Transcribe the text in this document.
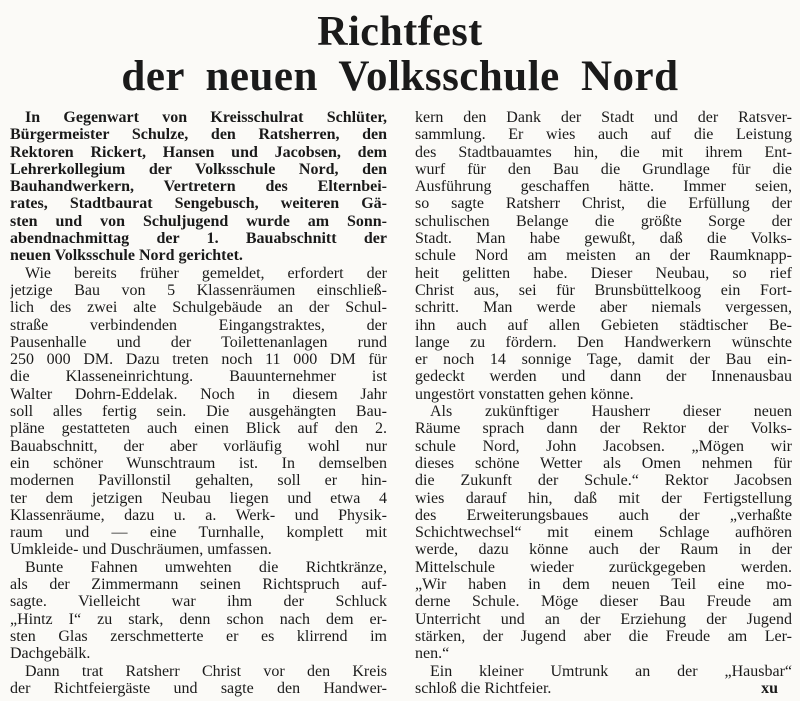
Richtfest
der neuen Volksschule Nord
In Gegenwart von Kreisschulrat Schlüter,
Bürgermeister Schulze, den Ratsherren, den
Rektoren Rickert, Hansen und Jacobsen, dem
Lehrerkollegium der Volksschule Nord, den
Bauhandwerkern, Vertretern des Elternbei-
rates, Stadtbaurat Sengebusch, weiteren Gä-
sten und von Schuljugend wurde am Sonn-
abendnachmittag der 1. Bauabschnitt der
neuen Volksschule Nord gerichtet.
Wie bereits früher gemeldet, erfordert der
jetzige Bau von 5 Klassenräumen einschließ-
lich des zwei alte Schulgebäude an der Schul-
straße verbindenden Eingangstraktes, der
Pausenhalle und der Toilettenanlagen rund
250 000 DM. Dazu treten noch 11 000 DM für
die Klasseneinrichtung. Bauunternehmer ist
Walter Dohrn-Eddelak. Noch in diesem Jahr
soll alles fertig sein. Die ausgehängten Bau-
pläne gestatteten auch einen Blick auf den 2.
Bauabschnitt, der aber vorläufig wohl nur
ein schöner Wunschtraum ist. In demselben
modernen Pavillonstil gehalten, soll er hin-
ter dem jetzigen Neubau liegen und etwa 4
Klassenräume, dazu u. a. Werk- und Physik-
raum und — eine Turnhalle, komplett mit
Umkleide- und Duschräumen, umfassen.
Bunte Fahnen umwehten die Richtkränze,
als der Zimmermann seinen Richtspruch auf-
sagte. Vielleicht war ihm der Schluck
„Hintz I“ zu stark, denn schon nach dem er-
sten Glas zerschmetterte er es klirrend im
Dachgebälk.
Dann trat Ratsherr Christ vor den Kreis
der Richtfeiergäste und sagte den Handwer-
kern den Dank der Stadt und der Ratsver-
sammlung. Er wies auch auf die Leistung
des Stadtbauamtes hin, die mit ihrem Ent-
wurf für den Bau die Grundlage für die
Ausführung geschaffen hätte. Immer seien,
so sagte Ratsherr Christ, die Erfüllung der
schulischen Belange die größte Sorge der
Stadt. Man habe gewußt, daß die Volks-
schule Nord am meisten an der Raumknapp-
heit gelitten habe. Dieser Neubau, so rief
Christ aus, sei für Brunsbüttelkoog ein Fort-
schritt. Man werde aber niemals vergessen,
ihn auch auf allen Gebieten städtischer Be-
lange zu fördern. Den Handwerkern wünschte
er noch 14 sonnige Tage, damit der Bau ein-
gedeckt werden und dann der Innenausbau
ungestört vonstatten gehen könne.
Als zukünftiger Hausherr dieser neuen
Räume sprach dann der Rektor der Volks-
schule Nord, John Jacobsen. „Mögen wir
dieses schöne Wetter als Omen nehmen für
die Zukunft der Schule.“ Rektor Jacobsen
wies darauf hin, daß mit der Fertigstellung
des Erweiterungsbaues auch der „verhaßte
Schichtwechsel“ mit einem Schlage aufhören
werde, dazu könne auch der Raum in der
Mittelschule wieder zurückgegeben werden.
„Wir haben in dem neuen Teil eine mo-
derne Schule. Möge dieser Bau Freude am
Unterricht und an der Erziehung der Jugend
stärken, der Jugend aber die Freude am Ler-
nen.“
Ein kleiner Umtrunk an der „Hausbar“
schloß die Richtfeier.	xu
